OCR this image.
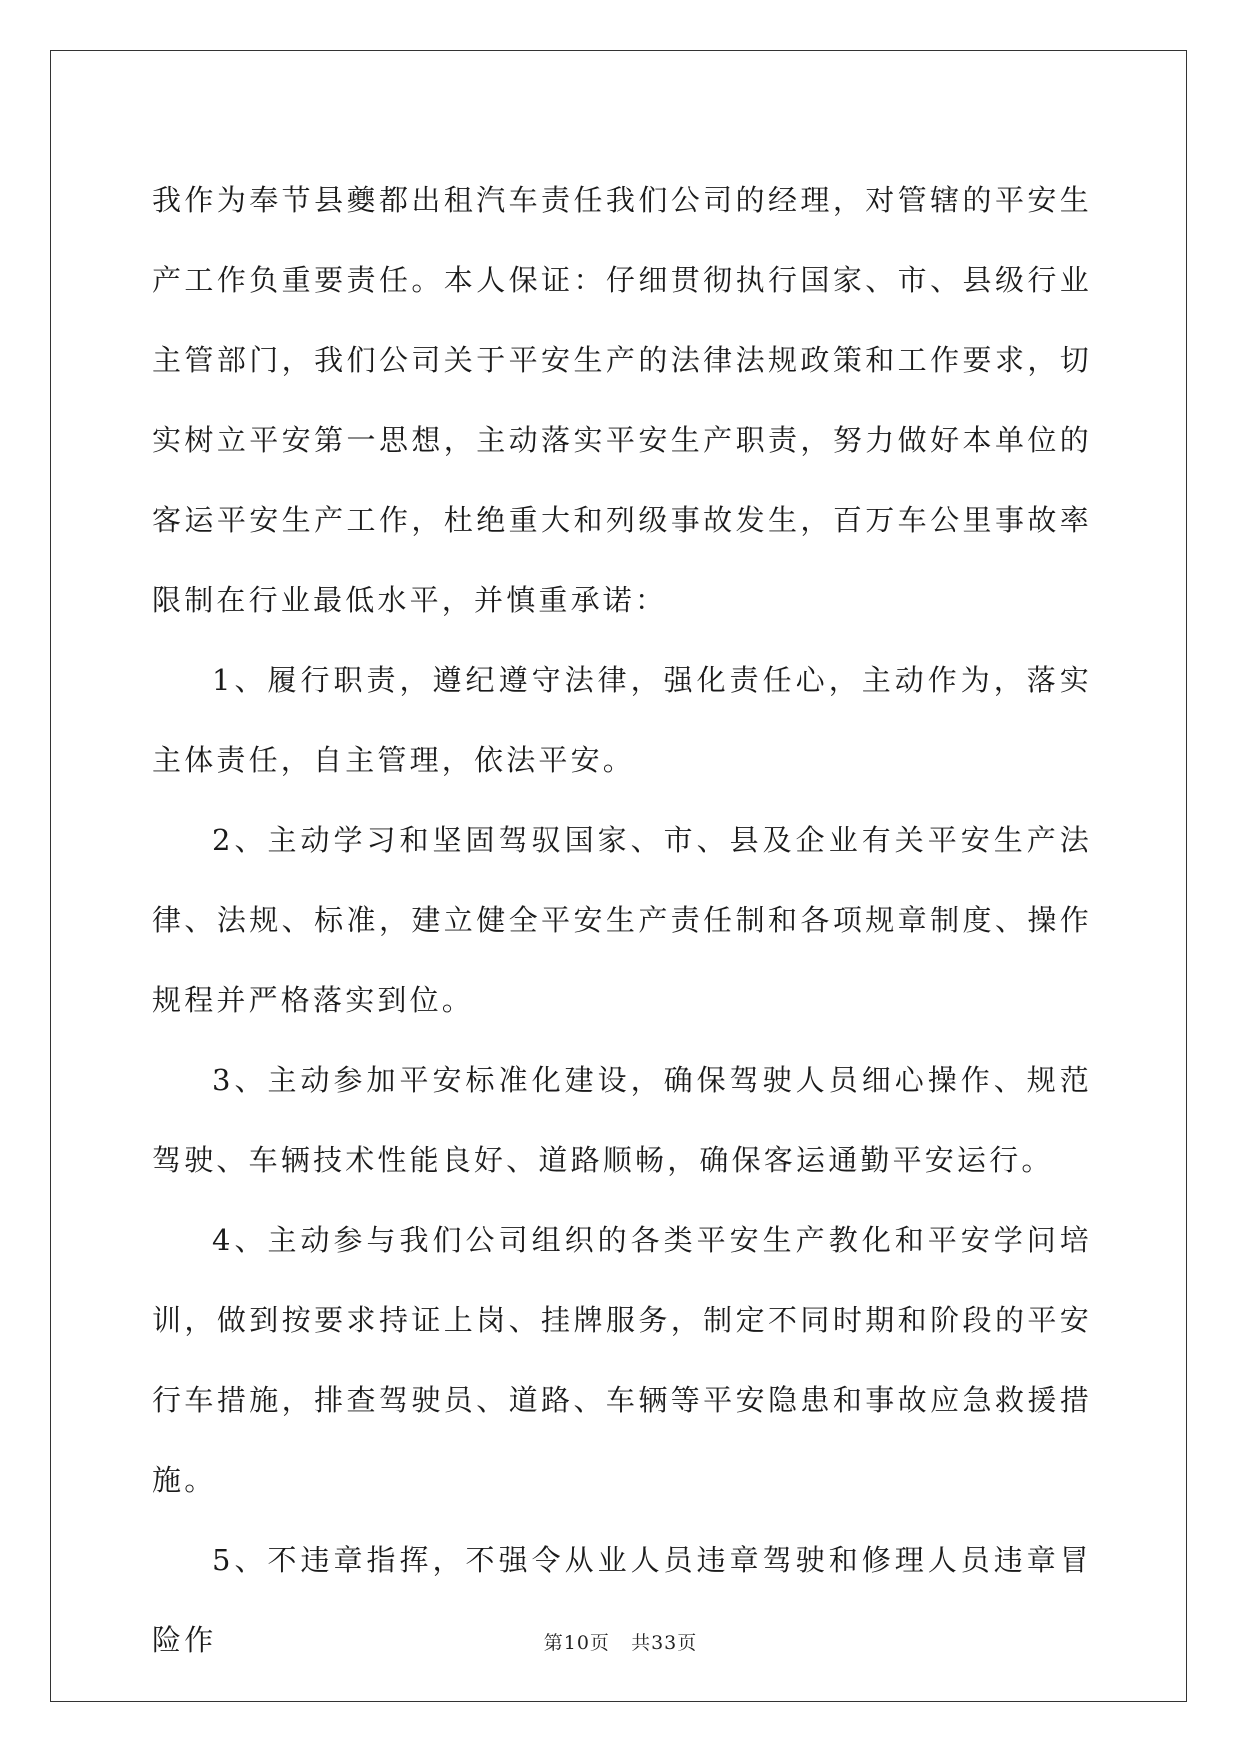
我作为奉节县夔都出租汽车责任我们公司的经理，对管辖的平安生产工作负重要责任。本人保证：仔细贯彻执行国家、市、县级行业主管部门，我们公司关于平安生产的法律法规政策和工作要求，切实树立平安第一思想，主动落实平安生产职责，努力做好本单位的客运平安生产工作，杜绝重大和列级事故发生，百万车公里事故率限制在行业最低水平，并慎重承诺：

1、履行职责，遵纪遵守法律，强化责任心，主动作为，落实主体责任，自主管理，依法平安。

2、主动学习和坚固驾驭国家、市、县及企业有关平安生产法律、法规、标准，建立健全平安生产责任制和各项规章制度、操作规程并严格落实到位。

3、主动参加平安标准化建设，确保驾驶人员细心操作、规范驾驶、车辆技术性能良好、道路顺畅，确保客运通勤平安运行。

4、主动参与我们公司组织的各类平安生产教化和平安学问培训，做到按要求持证上岗、挂牌服务，制定不同时期和阶段的平安行车措施，排查驾驶员、道路、车辆等平安隐患和事故应急救援措施。

5、不违章指挥，不强令从业人员违章驾驶和修理人员违章冒险作	第10页 共33页
